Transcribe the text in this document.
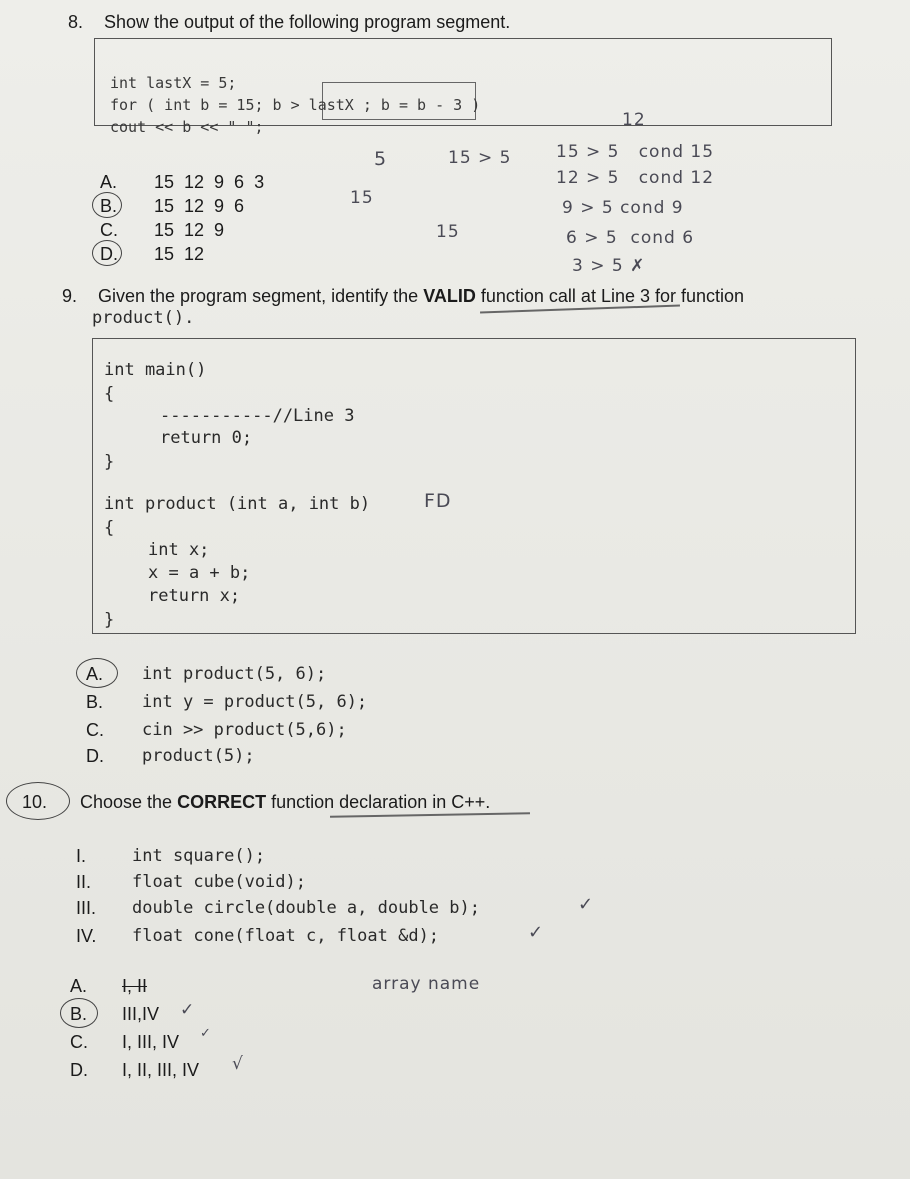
8. Show the output of the following program segment.
int lastX = 5;
for ( int b = 15; b > lastX ; b = b - 3 )
cout << b << " ";	12
5	15 > 5
15
15
15 > 5   cond 15
12 > 5   cond 12
9 > 5 cond 9
6 > 5  cond 6
3 > 5 ✗
A. 15  12  9  6  3
B. 15  12  9  6
C. 15  12  9
D. 15  12
9. Given the program segment, identify the VALID function call at Line 3 for function
product().
int main()
{
-----------//Line 3
return 0;
}
int product (int a, int b)	FD
{
int x;
x = a + b;
return x;
}
A. int product(5, 6);
B. int y = product(5, 6);
C. cin >> product(5,6);
D. product(5);
10. Choose the CORRECT function declaration in C++.
I.	int square();
II. float cube(void);
III. double circle(double a, double b);	✓
IV. float cone(float c, float &d);	✓
A. I, II	array name
B. III,IV ✓
C. I, III, IV ✓
D. I, II, III, IV √
